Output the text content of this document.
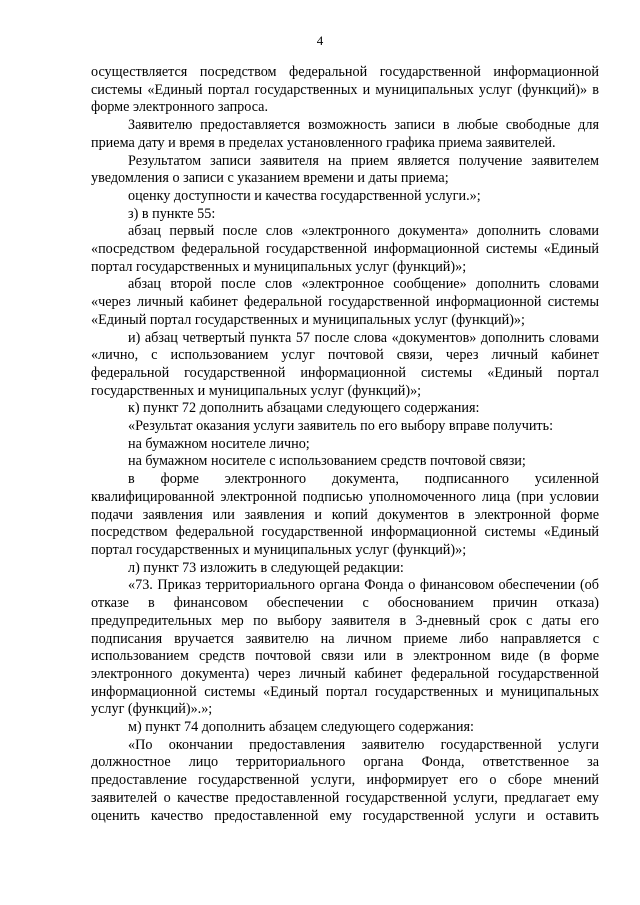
4

осуществляется посредством федеральной государственной информационной системы «Единый портал государственных и муниципальных услуг (функций)» в форме электронного запроса.

Заявителю предоставляется возможность записи в любые свободные для приема дату и время в пределах установленного графика приема заявителей.

Результатом записи заявителя на прием является получение заявителем уведомления о записи с указанием времени и даты приема;

оценку доступности и качества государственной услуги.»;

з) в пункте 55:

абзац первый после слов «электронного документа» дополнить словами «посредством федеральной государственной информационной системы «Единый портал государственных и муниципальных услуг (функций)»;

абзац второй после слов «электронное сообщение» дополнить словами «через личный кабинет федеральной государственной информационной системы «Единый портал государственных и муниципальных услуг (функций)»;

и) абзац четвертый пункта 57 после слова «документов» дополнить словами «лично, с использованием услуг почтовой связи, через личный кабинет федеральной государственной информационной системы «Единый портал государственных и муниципальных услуг (функций)»;

к) пункт 72 дополнить абзацами следующего содержания:

«Результат оказания услуги заявитель по его выбору вправе получить:

на бумажном носителе лично;

на бумажном носителе с использованием средств почтовой связи;

в форме электронного документа, подписанного усиленной квалифицированной электронной подписью уполномоченного лица (при условии подачи заявления или заявления и копий документов в электронной форме посредством федеральной государственной информационной системы «Единый портал государственных и муниципальных услуг (функций)»;

л) пункт 73 изложить в следующей редакции:

«73. Приказ территориального органа Фонда о финансовом обеспечении (об отказе в финансовом обеспечении с обоснованием причин отказа) предупредительных мер по выбору заявителя в 3-дневный срок с даты его подписания вручается заявителю на личном приеме либо направляется с использованием средств почтовой связи или в электронном виде (в форме электронного документа) через личный кабинет федеральной государственной информационной системы «Единый портал государственных и муниципальных услуг (функций)».»;

м) пункт 74 дополнить абзацем следующего содержания:

«По окончании предоставления заявителю государственной услуги должностное лицо территориального органа Фонда, ответственное за предоставление государственной услуги, информирует его о сборе мнений заявителей о качестве предоставленной государственной услуги, предлагает ему оценить качество предоставленной ему государственной услуги и оставить
